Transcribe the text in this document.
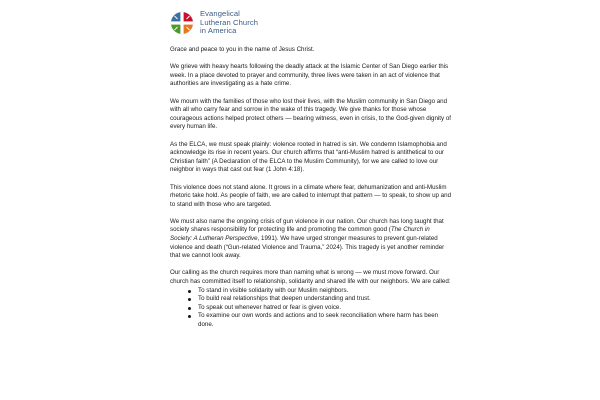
Evangelical
Lutheran Church
in America

Grace and peace to you in the name of Jesus Christ.

We grieve with heavy hearts following the deadly attack at the Islamic Center of San Diego earlier this week. In a place devoted to prayer and community, three lives were taken in an act of violence that authorities are investigating as a hate crime.

We mourn with the families of those who lost their lives, with the Muslim community in San Diego and with all who carry fear and sorrow in the wake of this tragedy. We give thanks for those whose courageous actions helped protect others — bearing witness, even in crisis, to the God-given dignity of every human life.

As the ELCA, we must speak plainly: violence rooted in hatred is sin. We condemn Islamophobia and acknowledge its rise in recent years. Our church affirms that “anti-Muslim hatred is antithetical to our Christian faith” (A Declaration of the ELCA to the Muslim Community), for we are called to love our neighbor in ways that cast out fear (1 John 4:18).

This violence does not stand alone. It grows in a climate where fear, dehumanization and anti-Muslim rhetoric take hold. As people of faith, we are called to interrupt that pattern — to speak, to show up and to stand with those who are targeted.

We must also name the ongoing crisis of gun violence in our nation. Our church has long taught that society shares responsibility for protecting life and promoting the common good (The Church in Society: A Lutheran Perspective, 1991). We have urged stronger measures to prevent gun-related violence and death (“Gun-related Violence and Trauma,” 2024). This tragedy is yet another reminder that we cannot look away.

Our calling as the church requires more than naming what is wrong — we must move forward. Our church has committed itself to relationship, solidarity and shared life with our neighbors. We are called:

To stand in visible solidarity with our Muslim neighbors.
To build real relationships that deepen understanding and trust.
To speak out whenever hatred or fear is given voice.
To examine our own words and actions and to seek reconciliation where harm has been done.
